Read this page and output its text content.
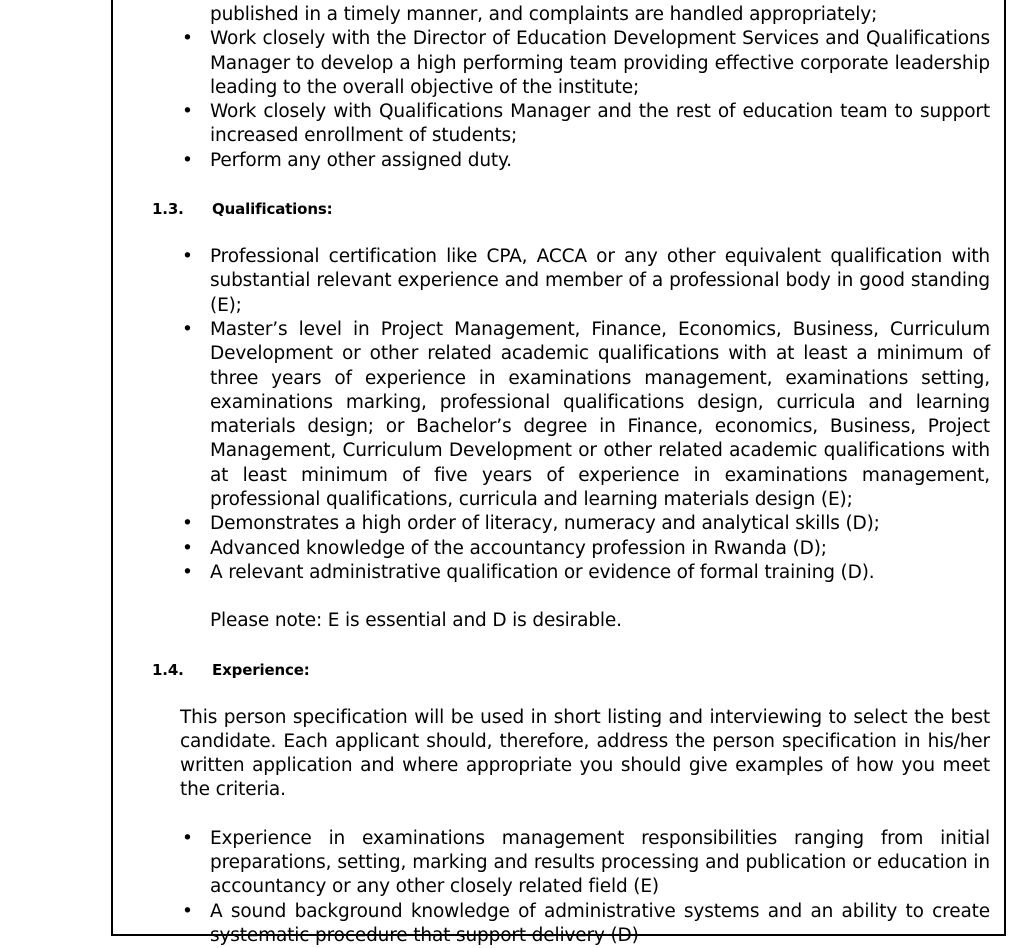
published in a timely manner, and complaints are handled appropriately;
• Work closely with the Director of Education Development Services and Qualifications Manager to develop a high performing team providing effective corporate leadership leading to the overall objective of the institute;
• Work closely with Qualifications Manager and the rest of education team to support increased enrollment of students;
• Perform any other assigned duty.
1.3.	Qualifications:
• Professional certification like CPA, ACCA or any other equivalent qualification with substantial relevant experience and member of a professional body in good standing (E);
• Master’s level in Project Management, Finance, Economics, Business, Curriculum Development or other related academic qualifications with at least a minimum of three years of experience in examinations management, examinations setting, examinations marking, professional qualifications design, curricula and learning materials design; or Bachelor’s degree in Finance, economics, Business, Project Management, Curriculum Development or other related academic qualifications with at least minimum of five years of experience in examinations management, professional qualifications, curricula and learning materials design (E);
• Demonstrates a high order of literacy, numeracy and analytical skills (D);
• Advanced knowledge of the accountancy profession in Rwanda (D);
• A relevant administrative qualification or evidence of formal training (D).
Please note: E is essential and D is desirable.
1.4.	Experience:
This person specification will be used in short listing and interviewing to select the best candidate. Each applicant should, therefore, address the person specification in his/her written application and where appropriate you should give examples of how you meet the criteria.
• Experience in examinations management responsibilities ranging from initial preparations, setting, marking and results processing and publication or education in accountancy or any other closely related field (E)
• A sound background knowledge of administrative systems and an ability to create systematic procedure that support delivery (D)
